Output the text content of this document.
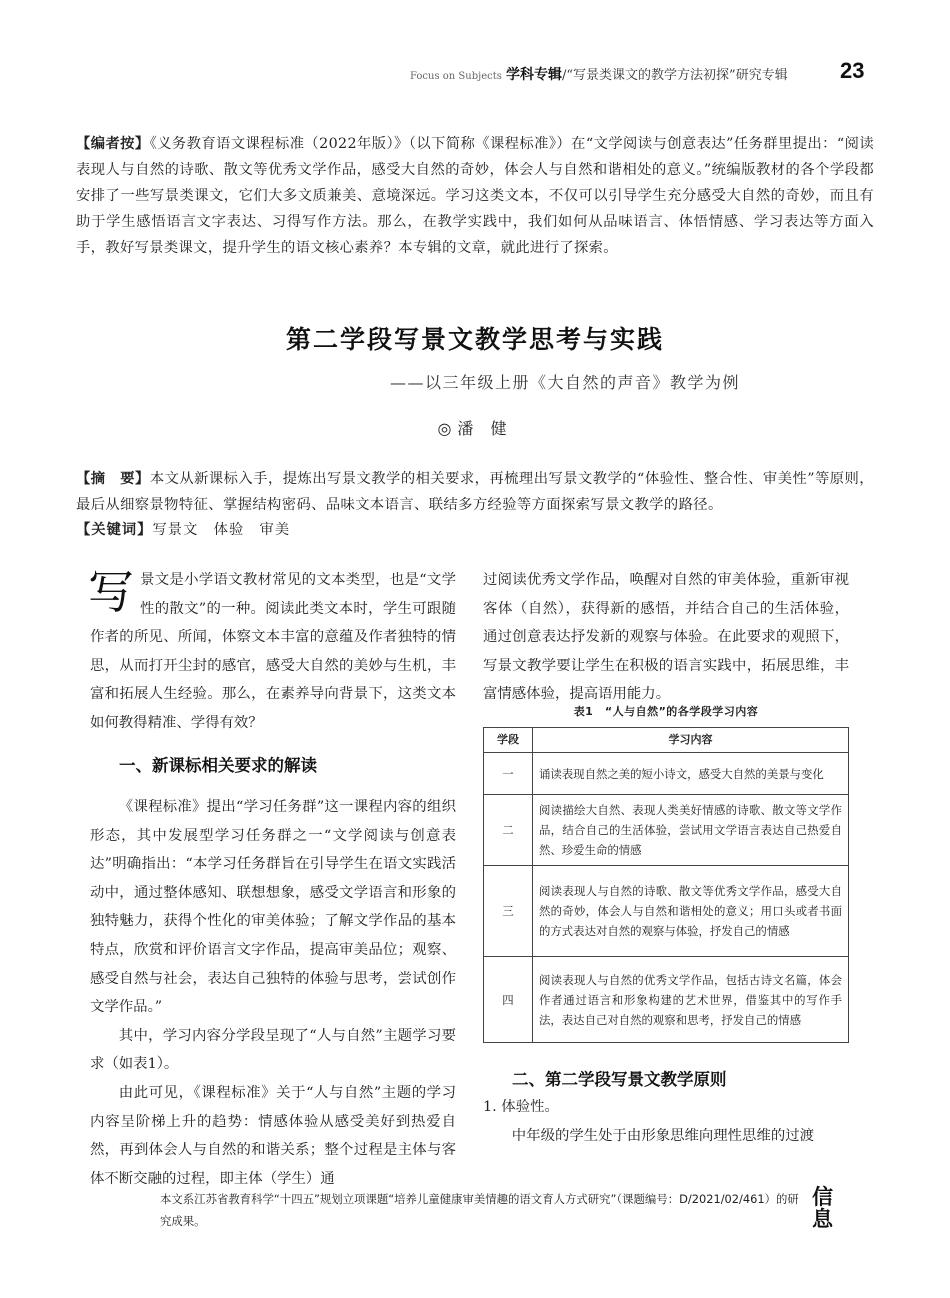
Focus on Subjects 学科专辑/“写景类课文的教学方法初探”研究专辑 23
【编者按】《义务教育语文课程标准（2022年版）》（以下简称《课程标准》）在“文学阅读与创意表达”任务群里提出：“阅读表现人与自然的诗歌、散文等优秀文学作品，感受大自然的奇妙，体会人与自然和谐相处的意义。”统编版教材的各个学段都安排了一些写景类课文，它们大多文质兼美、意境深远。学习这类文本，不仅可以引导学生充分感受大自然的奇妙，而且有助于学生感悟语言文字表达、习得写作方法。那么，在教学实践中，我们如何从品味语言、体悟情感、学习表达等方面入手，教好写景类课文，提升学生的语文核心素养？本专辑的文章，就此进行了探索。
第二学段写景文教学思考与实践
——以三年级上册《大自然的声音》教学为例
◎潘 健
【摘　要】本文从新课标入手，提炼出写景文教学的相关要求，再梳理出写景文教学的“体验性、整合性、审美性”等原则，最后从细察景物特征、掌握结构密码、品味文本语言、联结多方经验等方面探索写景文教学的路径。
【关键词】写景文　体验　审美

写景文是小学语文教材常见的文本类型，也是“文学性的散文”的一种。阅读此类文本时，学生可跟随作者的所见、所闻，体察文本丰富的意蕴及作者独特的情思，从而打开尘封的感官，感受大自然的美妙与生机，丰富和拓展人生经验。那么，在素养导向背景下，这类文本如何教得精准、学得有效？

一、新课标相关要求的解读

《课程标准》提出“学习任务群”这一课程内容的组织形态，其中发展型学习任务群之一“文学阅读与创意表达”明确指出：“本学习任务群旨在引导学生在语文实践活动中，通过整体感知、联想想象，感受文学语言和形象的独特魅力，获得个性化的审美体验；了解文学作品的基本特点，欣赏和评价语言文字作品，提高审美品位；观察、感受自然与社会，表达自己独特的体验与思考，尝试创作文学作品。”

其中，学习内容分学段呈现了“人与自然”主题学习要求（如表1）。

由此可见，《课程标准》关于“人与自然”主题的学习内容呈阶梯上升的趋势：情感体验从感受美好到热爱自然，再到体会人与自然的和谐关系；整个过程是主体与客体不断交融的过程，即主体（学生）通

过阅读优秀文学作品，唤醒对自然的审美体验，重新审视客体（自然），获得新的感悟，并结合自己的生活体验，通过创意表达抒发新的观察与体验。在此要求的观照下，写景文教学要让学生在积极的语言实践中，拓展思维，丰富情感体验，提高语用能力。

表1　“人与自然”的各学段学习内容
学段	学习内容
一	诵读表现自然之美的短小诗文，感受大自然的美景与变化
二	阅读描绘大自然、表现人类美好情感的诗歌、散文等文学作品，结合自己的生活体验，尝试用文学语言表达自己热爱自然、珍爱生命的情感
三	阅读表现人与自然的诗歌、散文等优秀文学作品，感受大自然的奇妙，体会人与自然和谐相处的意义；用口头或者书面的方式表达对自然的观察与体验，抒发自己的情感
四	阅读表现人与自然的优秀文学作品，包括古诗文名篇，体会作者通过语言和形象构建的艺术世界，借鉴其中的写作手法，表达自己对自然的观察和思考，抒发自己的情感
二、第二学段写景文教学原则

1. 体验性。

中年级的学生处于由形象思维向理性思维的过渡

本文系江苏省教育科学“十四五”规划立项课题“培养儿童健康审美情趣的语文育人方式研究”（课题编号：D/2021/02/461）的研究成果。
信息
